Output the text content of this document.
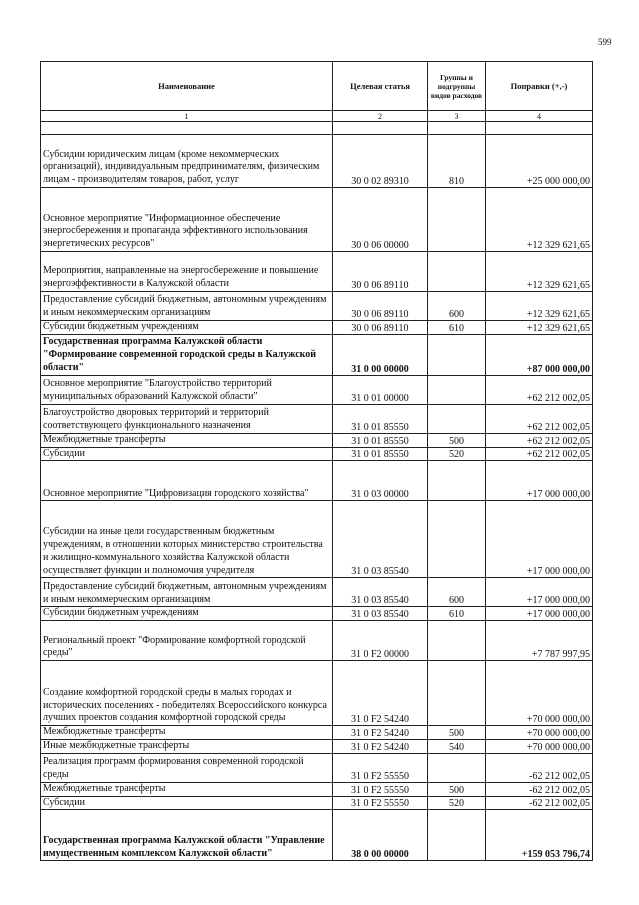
599
Наименование	Целевая статья	Группы и подгруппы видов расходов	Поправки (+,-)
1	2	3	4

Субсидии юридическим лицам (кроме некоммерческих организаций), индивидуальным предпринимателям, физическим лицам - производителям товаров, работ, услуг	30 0 02 89310	810	+25 000 000,00
Основное мероприятие "Информационное обеспечение энергосбережения и пропаганда эффективного использования энергетических ресурсов"	30 0 06 00000		+12 329 621,65
Мероприятия, направленные на энергосбережение и повышение энергоэффективности в Калужской области	30 0 06 89110		+12 329 621,65
Предоставление субсидий бюджетным, автономным учреждениям и иным некоммерческим организациям	30 0 06 89110	600	+12 329 621,65
Субсидии бюджетным учреждениям	30 0 06 89110	610	+12 329 621,65
Государственная программа Калужской области "Формирование современной городской среды в Калужской области"	31 0 00 00000		+87 000 000,00
Основное мероприятие "Благоустройство территорий муниципальных образований Калужской области"	31 0 01 00000		+62 212 002,05
Благоустройство дворовых территорий и территорий соответствующего функционального назначения	31 0 01 85550		+62 212 002,05
Межбюджетные трансферты	31 0 01 85550	500	+62 212 002,05
Субсидии	31 0 01 85550	520	+62 212 002,05
Основное мероприятие "Цифровизация городского хозяйства"	31 0 03 00000		+17 000 000,00
Субсидии на иные цели государственным бюджетным учреждениям, в отношении которых министерство строительства и жилищно-коммунального хозяйства Калужской области осуществляет функции и полномочия учредителя	31 0 03 85540		+17 000 000,00
Предоставление субсидий бюджетным, автономным учреждениям и иным некоммерческим организациям	31 0 03 85540	600	+17 000 000,00
Субсидии бюджетным учреждениям	31 0 03 85540	610	+17 000 000,00
Региональный проект "Формирование комфортной городской среды"	31 0 F2 00000		+7 787 997,95
Создание комфортной городской среды в малых городах и исторических поселениях - победителях Всероссийского конкурса лучших проектов создания комфортной городской среды	31 0 F2 54240		+70 000 000,00
Межбюджетные трансферты	31 0 F2 54240	500	+70 000 000,00
Иные межбюджетные трансферты	31 0 F2 54240	540	+70 000 000,00
Реализация программ формирования современной городской среды	31 0 F2 55550		-62 212 002,05
Межбюджетные трансферты	31 0 F2 55550	500	-62 212 002,05
Субсидии	31 0 F2 55550	520	-62 212 002,05
Государственная программа Калужской области "Управление имущественным комплексом Калужской области"	38 0 00 00000		+159 053 796,74
